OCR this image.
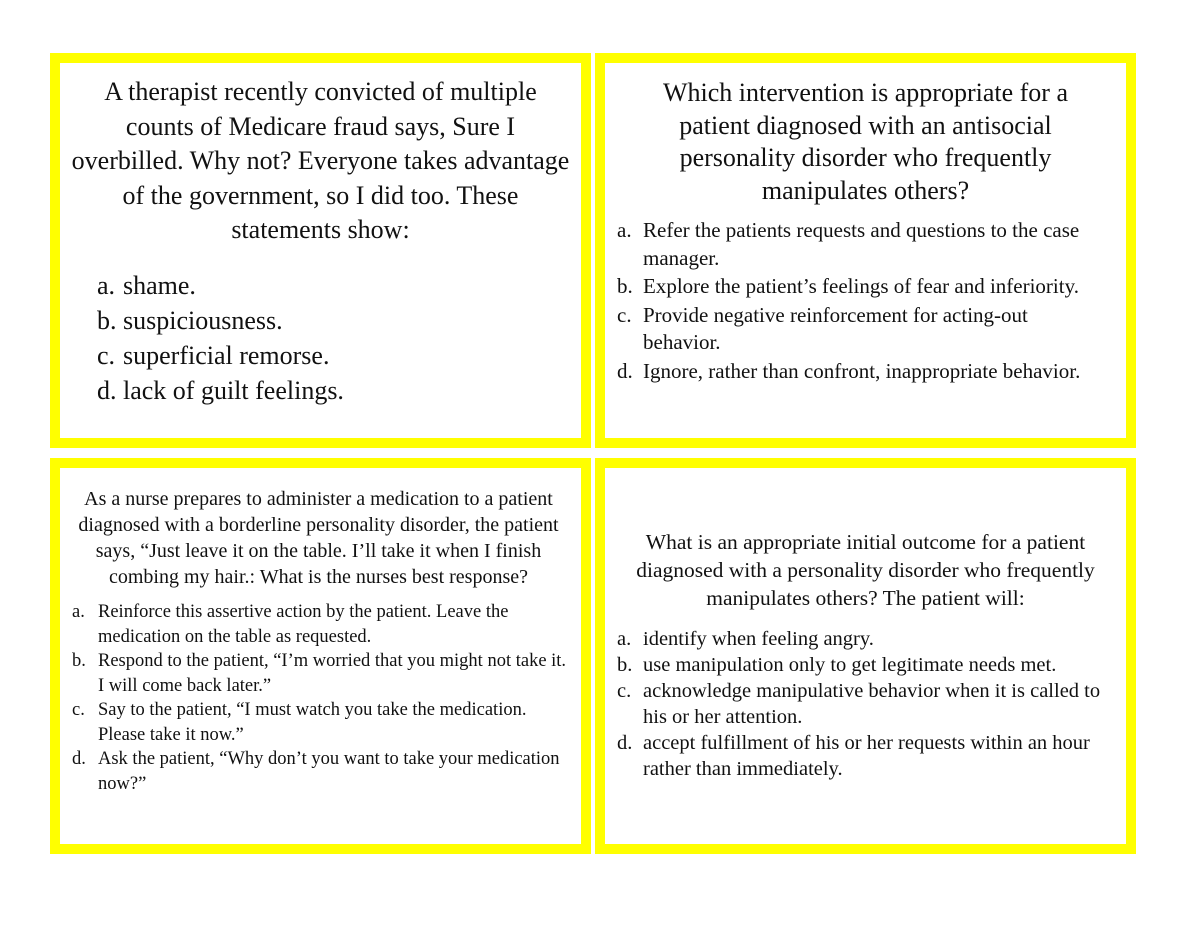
A therapist recently convicted of multiple counts of Medicare fraud says, Sure I overbilled. Why not? Everyone takes advantage of the government, so I did too. These statements show:

a. shame.
b. suspiciousness.
c. superficial remorse.
d. lack of guilt feelings.

Which intervention is appropriate for a patient diagnosed with an antisocial personality disorder who frequently manipulates others?

a. Refer the patients requests and questions to the case manager.
b. Explore the patient’s feelings of fear and inferiority.
c. Provide negative reinforcement for acting-out behavior.
d. Ignore, rather than confront, inappropriate behavior.

As a nurse prepares to administer a medication to a patient diagnosed with a borderline personality disorder, the patient says, “Just leave it on the table. I’ll take it when I finish combing my hair.: What is the nurses best response?

a. Reinforce this assertive action by the patient. Leave the medication on the table as requested.
b. Respond to the patient, “I’m worried that you might not take it. I will come back later.”
c. Say to the patient, “I must watch you take the medication. Please take it now.”
d. Ask the patient, “Why don’t you want to take your medication now?”

What is an appropriate initial outcome for a patient diagnosed with a personality disorder who frequently manipulates others? The patient will:

a. identify when feeling angry.
b. use manipulation only to get legitimate needs met.
c. acknowledge manipulative behavior when it is called to his or her attention.
d. accept fulfillment of his or her requests within an hour rather than immediately.
